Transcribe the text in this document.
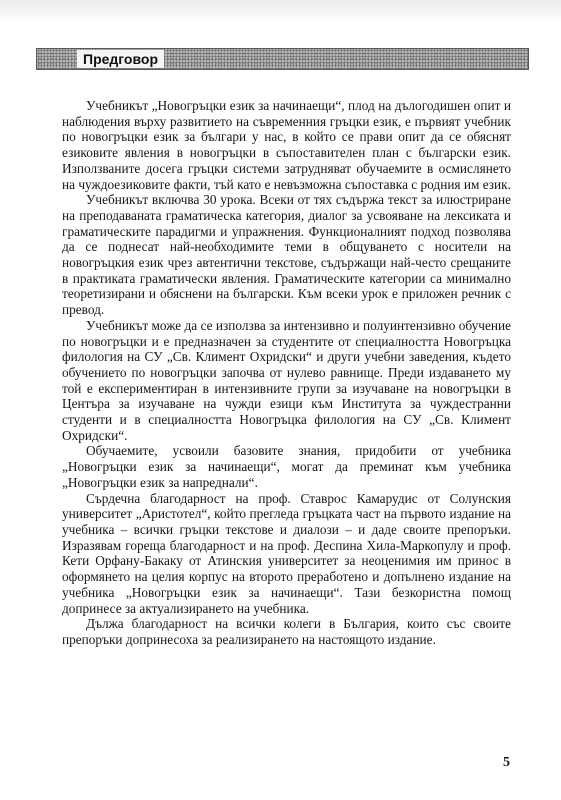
Предговор

Учебникът „Новогръцки език за начинаещи“, плод на дълогодишен опит и наблюдения върху развитието на съвременния гръцки език, е първият учебник по новогръцки език за българи у нас, в който се прави опит да се обяснят езиковите явления в новогръцки в съпоставителен план с български език. Използваните досега гръцки системи затрудняват обучаемите в осмислянето на чуждоезиковите факти, тъй като е невъзможна съпоставка с родния им език.

Учебникът включва 30 урока. Всеки от тях съдържа текст за илюстриране на преподаваната граматическа категория, диалог за усвояване на лексиката и граматическите парадигми и упражнения. Функционалният подход позволява да се поднесат най-необходимите теми в общуването с носители на новогръцкия език чрез автентични текстове, съдържащи най-често срещаните в практиката граматически явления. Граматическите категории са минимално теоретизирани и обяснени на български. Към всеки урок е приложен речник с превод.

Учебникът може да се използва за интензивно и полуинтензивно обучение по новогръцки и е предназначен за студентите от специалността Новогръцка филология на СУ „Св. Климент Охридски“ и други учебни заведения, където обучението по новогръцки започва от нулево равнище. Преди издаването му той е експериментиран в интензивните групи за изучаване на новогръцки в Центъра за изучаване на чужди езици към Института за чуждестранни студенти и в специалността Новогръцка филология на СУ „Св. Климент Охридски“.

Обучаемите, усвоили базовите знания, придобити от учебника „Новогръцки език за начинаещи“, могат да преминат към учебника „Новогръцки език за напреднали“.

Сърдечна благодарност на проф. Ставрос Камарудис от Солунския университет „Аристотел“, който прегледа гръцката част на първото издание на учебника – всички гръцки текстове и диалози – и даде своите препоръки. Изразявам гореща благодарност и на проф. Деспина Хила-Маркопулу и проф. Кети Орфану-Бакаку от Атинския университет за неоценимия им принос в оформянето на целия корпус на второто преработено и допълнено издание на учебника „Новогръцки език за начинаещи“. Тази безкористна помощ допринесе за актуализирането на учебника.

Дължа благодарност на всички колеги в България, които със своите препоръки допринесоха за реализирането на настоящото издание.

5
